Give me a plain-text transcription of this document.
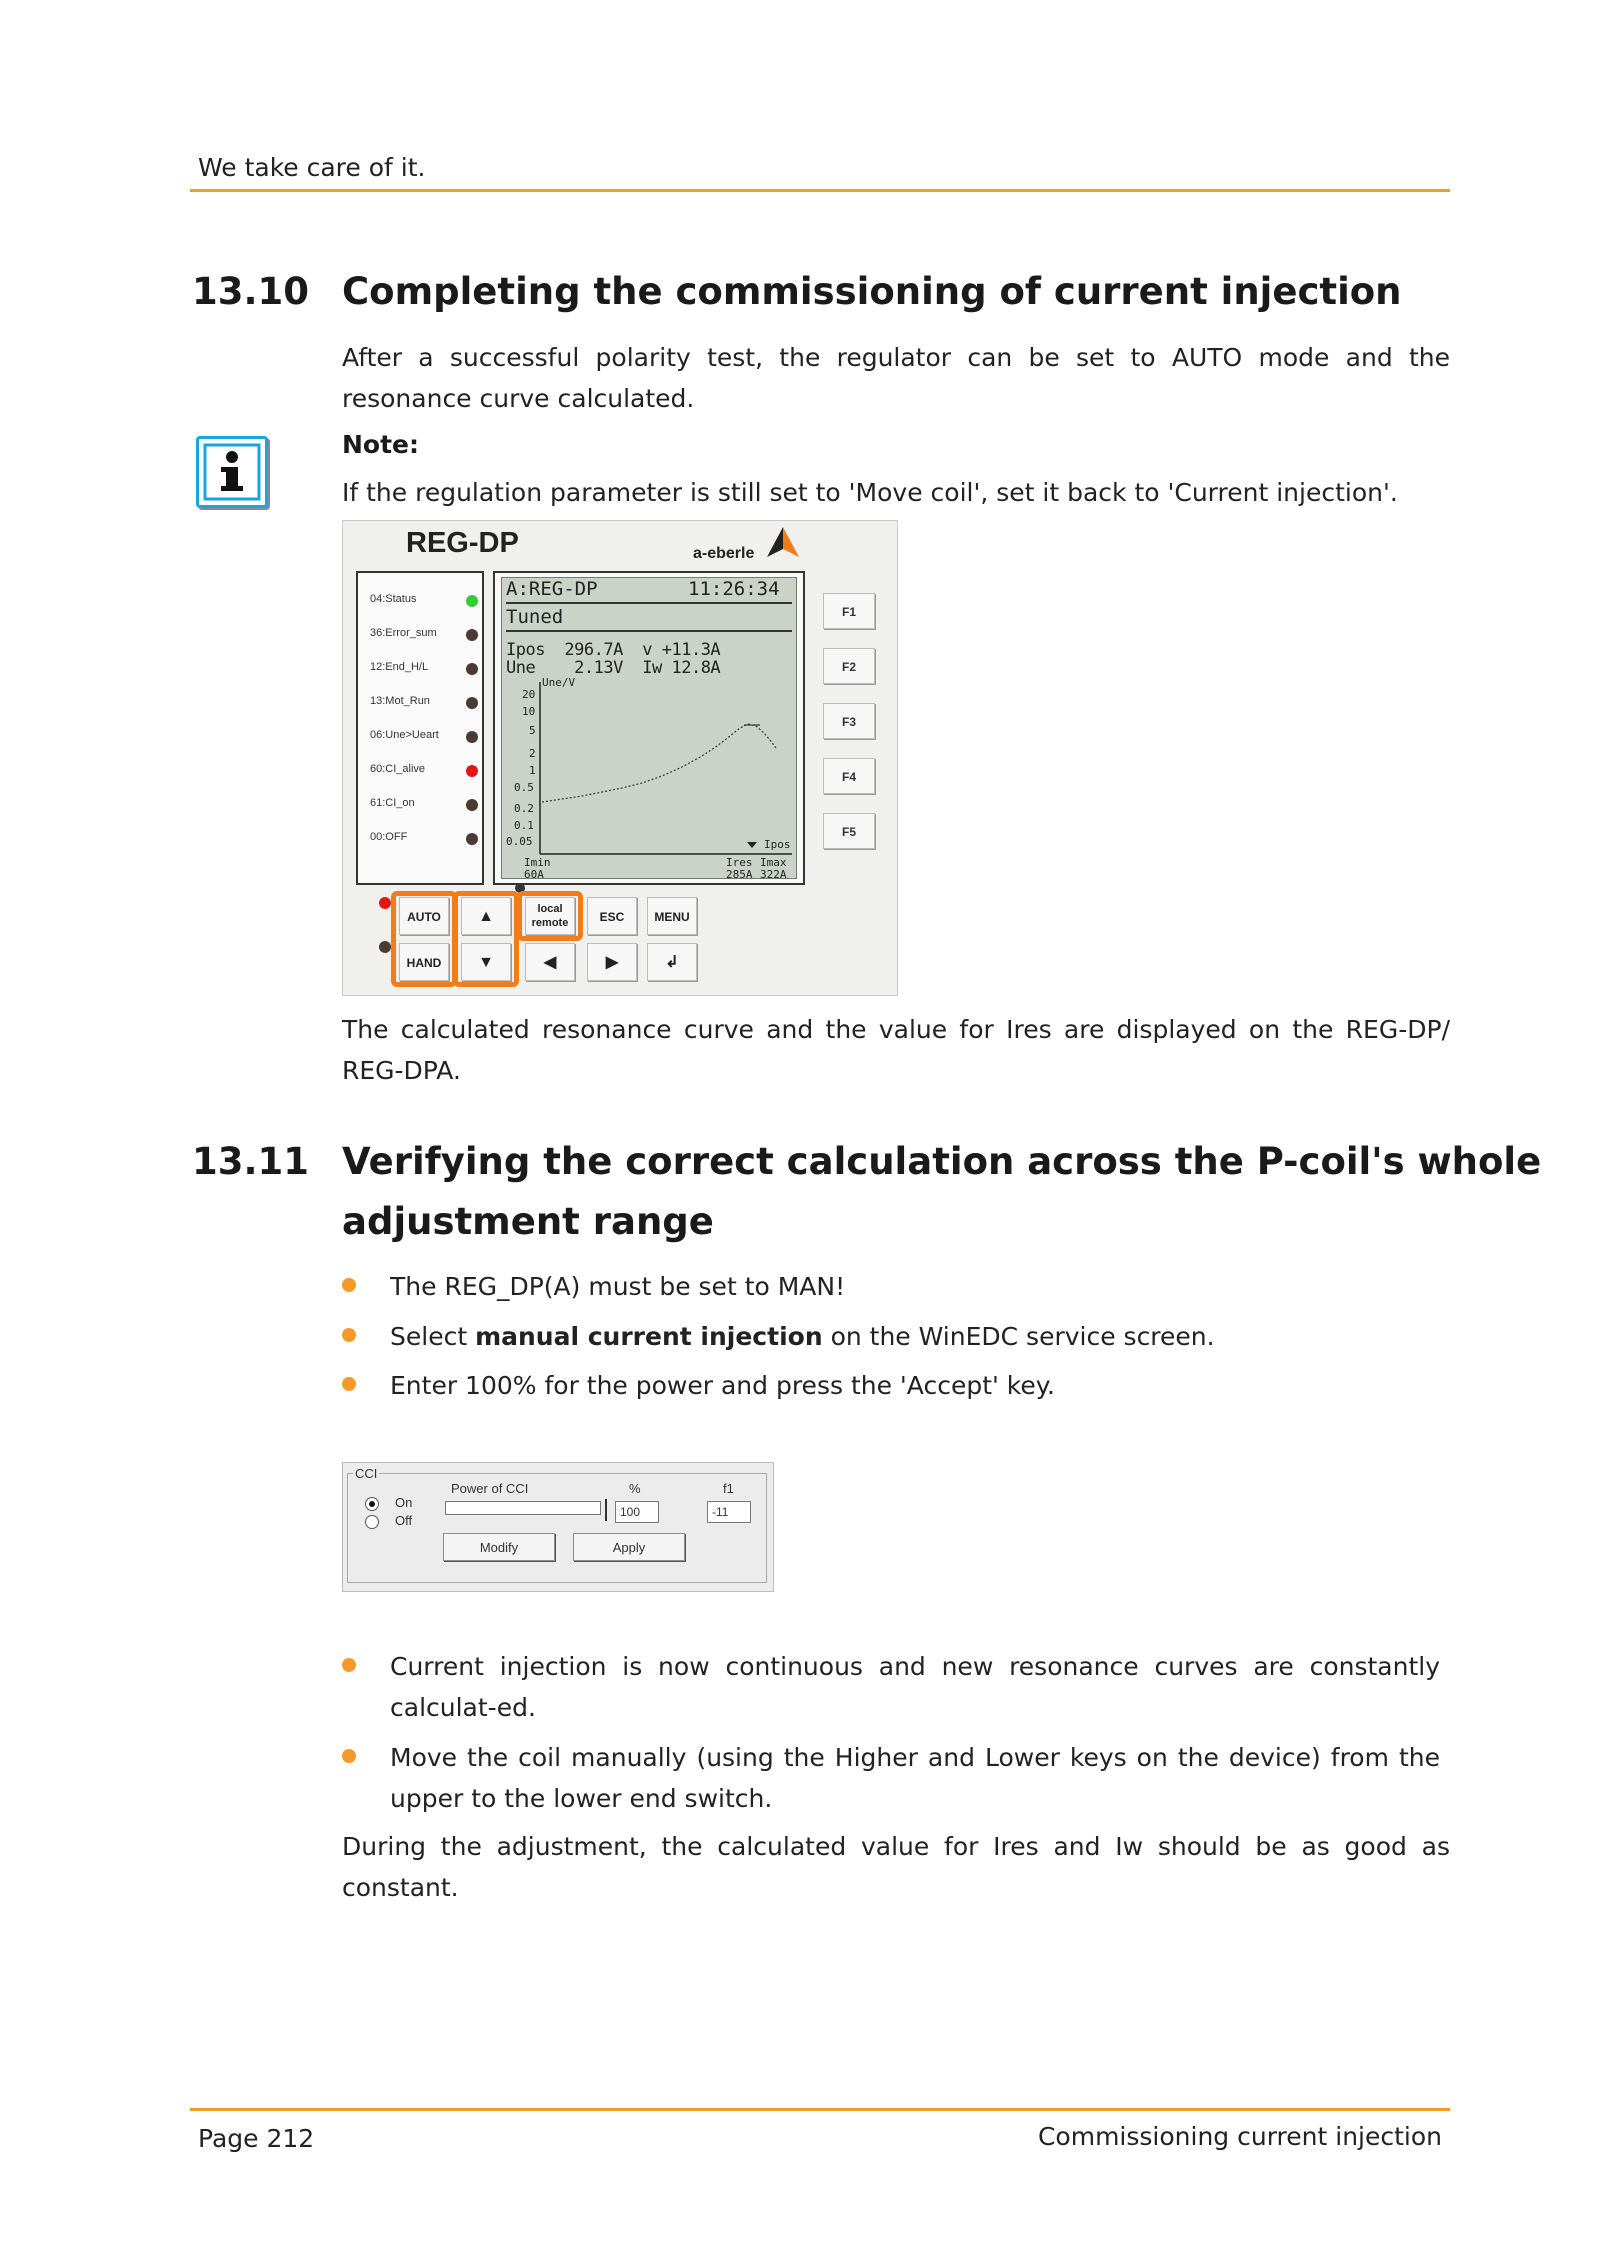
We take care of it.
13.10 Completing the commissioning of current injection
After a successful polarity test, the regulator can be set to AUTO mode and the resonance curve calculated.
Note:
If the regulation parameter is still set to 'Move coil', set it back to 'Current injection'.
REG-DP	a-eberle
04:Status
36:Error_sum
12:End_H/L
13:Mot_Run
06:Une>Ueart
60:CI_alive
61:CI_on
00:OFF
A:REG-DP	11:26:34
Tuned
Ipos  296.7A  v +11.3A
Une    2.13V  Iw 12.8A
Une/V
20
10
5
2
1
0.5
0.2
0.1
0.05	Ipos
Imin
60A
Ires Imax
285A 322A
F1
F2
F3
F4
F5
AUTO
HAND
▲
▼
local
remote	ESC	MENU
◀	▶	↲
The calculated resonance curve and the value for Ires are displayed on the REG-DP/ REG-DPA.
13.11 Verifying the correct calculation across the P-coil's whole
adjustment range
The REG_DP(A) must be set to MAN!
Select manual current injection on the WinEDC service screen.
Enter 100% for the power and press the 'Accept' key.
CCI
On
Off
Power of CCI	%	f1
100	-11
Modify	Apply
Current injection is now continuous and new resonance curves are constantly calculat-ed.
Move the coil manually (using the Higher and Lower keys on the device) from the upper to the lower end switch.
During the adjustment, the calculated value for Ires and Iw should be as good as constant.
Page 212	Commissioning current injection
